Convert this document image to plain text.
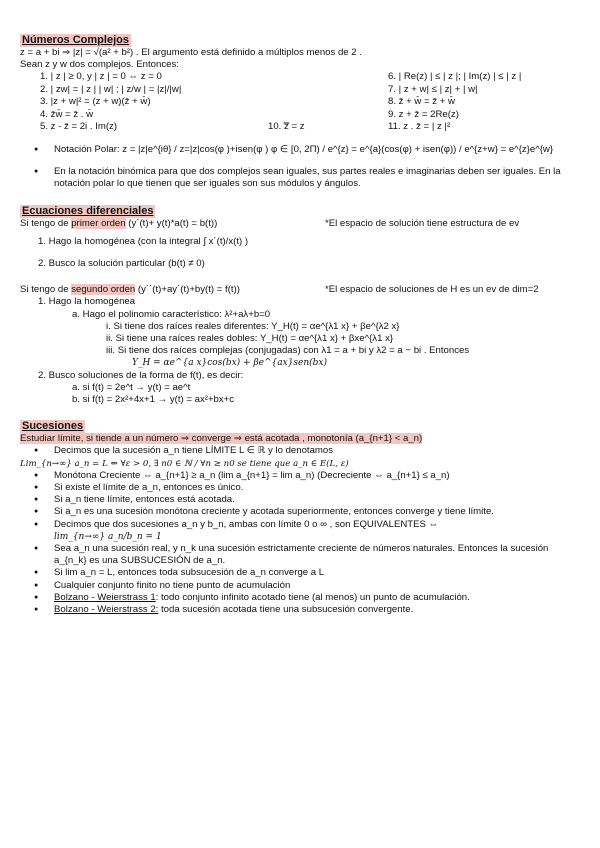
Números Complejos
z = a + bi ⇒ |z| = √(a² + b²) . El argumento está definido a múltiplos menos de 2 .
Sean z y w dos complejos. Entonces:
1. | z | ≥ 0, y | z | = 0 ⇔ z = 0	6. | Re(z) | ≤ | z |; | Im(z) | ≤ | z |
2. | zw| = | z | | w| ; | z/w | = |z|/|w|	7. | z + w| ≤ | z| + | w|
3. |z + w|² = (z + w)(z̄ + w̄)	8. z̄ + w̄ = z̄ + w̄
4. z̄w̄ = z̄ . w̄	9. z + z̄ = 2Re(z)
5. z - z̄ = 2i . Im(z)	10. z̿ = z	11. z . z̄ = | z |²
● Notación Polar: z = |z|e^{iθ} / z=|z|cos(φ )+isen(φ ) φ ∈ [0, 2Π) / e^{z} = e^{a}(cos(φ) + isen(φ)) / e^{z+w} = e^{z}e^{w}
● En la notación binómica para que dos complejos sean iguales, sus partes reales e imaginarias deben ser iguales. En la notación polar lo que tienen que ser iguales son sus módulos y ángulos.
Ecuaciones diferenciales
Si tengo de primer orden (y´(t)+ y(t)*a(t) = b(t))	*El espacio de solución tiene estructura de ev
1. Hago la homogénea (con la integral ∫ x´(t)/x(t) )
2. Busco la solución particular (b(t) ≠ 0)
Si tengo de segundo orden (y´´(t)+ay´(t)+by(t) = f(t))	*El espacio de soluciones de H es un ev de dim=2
1. Hago la homogénea
a. Hago el polinomio característico: λ²+aλ+b=0
i. Si tiene dos raíces reales diferentes: Y_H(t) = αe^{λ1 x} + βe^{λ2 x}
ii. Si tiene una raíces reales dobles: Y_H(t) = αe^{λ1 x} + βxe^{λ1 x}
iii. Si tiene dos raíces complejas (conjugadas) con λ1 = a + bi y λ2 = a − bi . Entonces
Y_H = αe^{a x}cos(bx) + βe^{ax}sen(bx)
2. Busco soluciones de la forma de f(t), es decir:
a. si f(t) = 2e^t → y(t) = ae^t
b. si f(t) = 2x²+4x+1 → y(t) = ax²+bx+c
Sucesiones
Estudiar límite, si tiende a un número ⇒ converge ⇒ está acotada , monotonía (a_{n+1} < a_n)
● Decimos que la sucesión a_n tiene LÍMITE L ∈ ℝ y lo denotamos
Lim_{n→∞} a_n = L ⇔ ∀ε > 0, ∃ n0 ∈ ℕ / ∀n ≥ n0 se tiene que a_n ∈ E(L, ε)
● Monótona Creciente ⇔ a_{n+1} ≥ a_n (lim a_{n+1} = lim a_n) (Decreciente ⇔ a_{n+1} ≤ a_n)
● Si existe el límite de a_n, entonces es único.
● Si a_n tiene límite, entonces está acotada.
● Si a_n es una sucesión monótona creciente y acotada superiormente, entonces converge y tiene límite.
● Decimos que dos sucesiones a_n y b_n, ambas con límite 0 o ∞ , son EQUIVALENTES ⇔
lim_{n→∞} a_n/b_n = 1
● Sea a_n una sucesión real, y n_k una sucesión estrictamente creciente de números naturales. Entonces la sucesión a_{n_k} es una SUBSUCESIÓN de a_n.
● Si lim a_n = L, entonces toda subsucesión de a_n converge a L
● Cualquier conjunto finito no tiene punto de acumulación
● Bolzano - Weierstrass 1: todo conjunto infinito acotado tiene (al menos) un punto de acumulación.
● Bolzano - Weierstrass 2: toda sucesión acotada tiene una subsucesión convergente.
